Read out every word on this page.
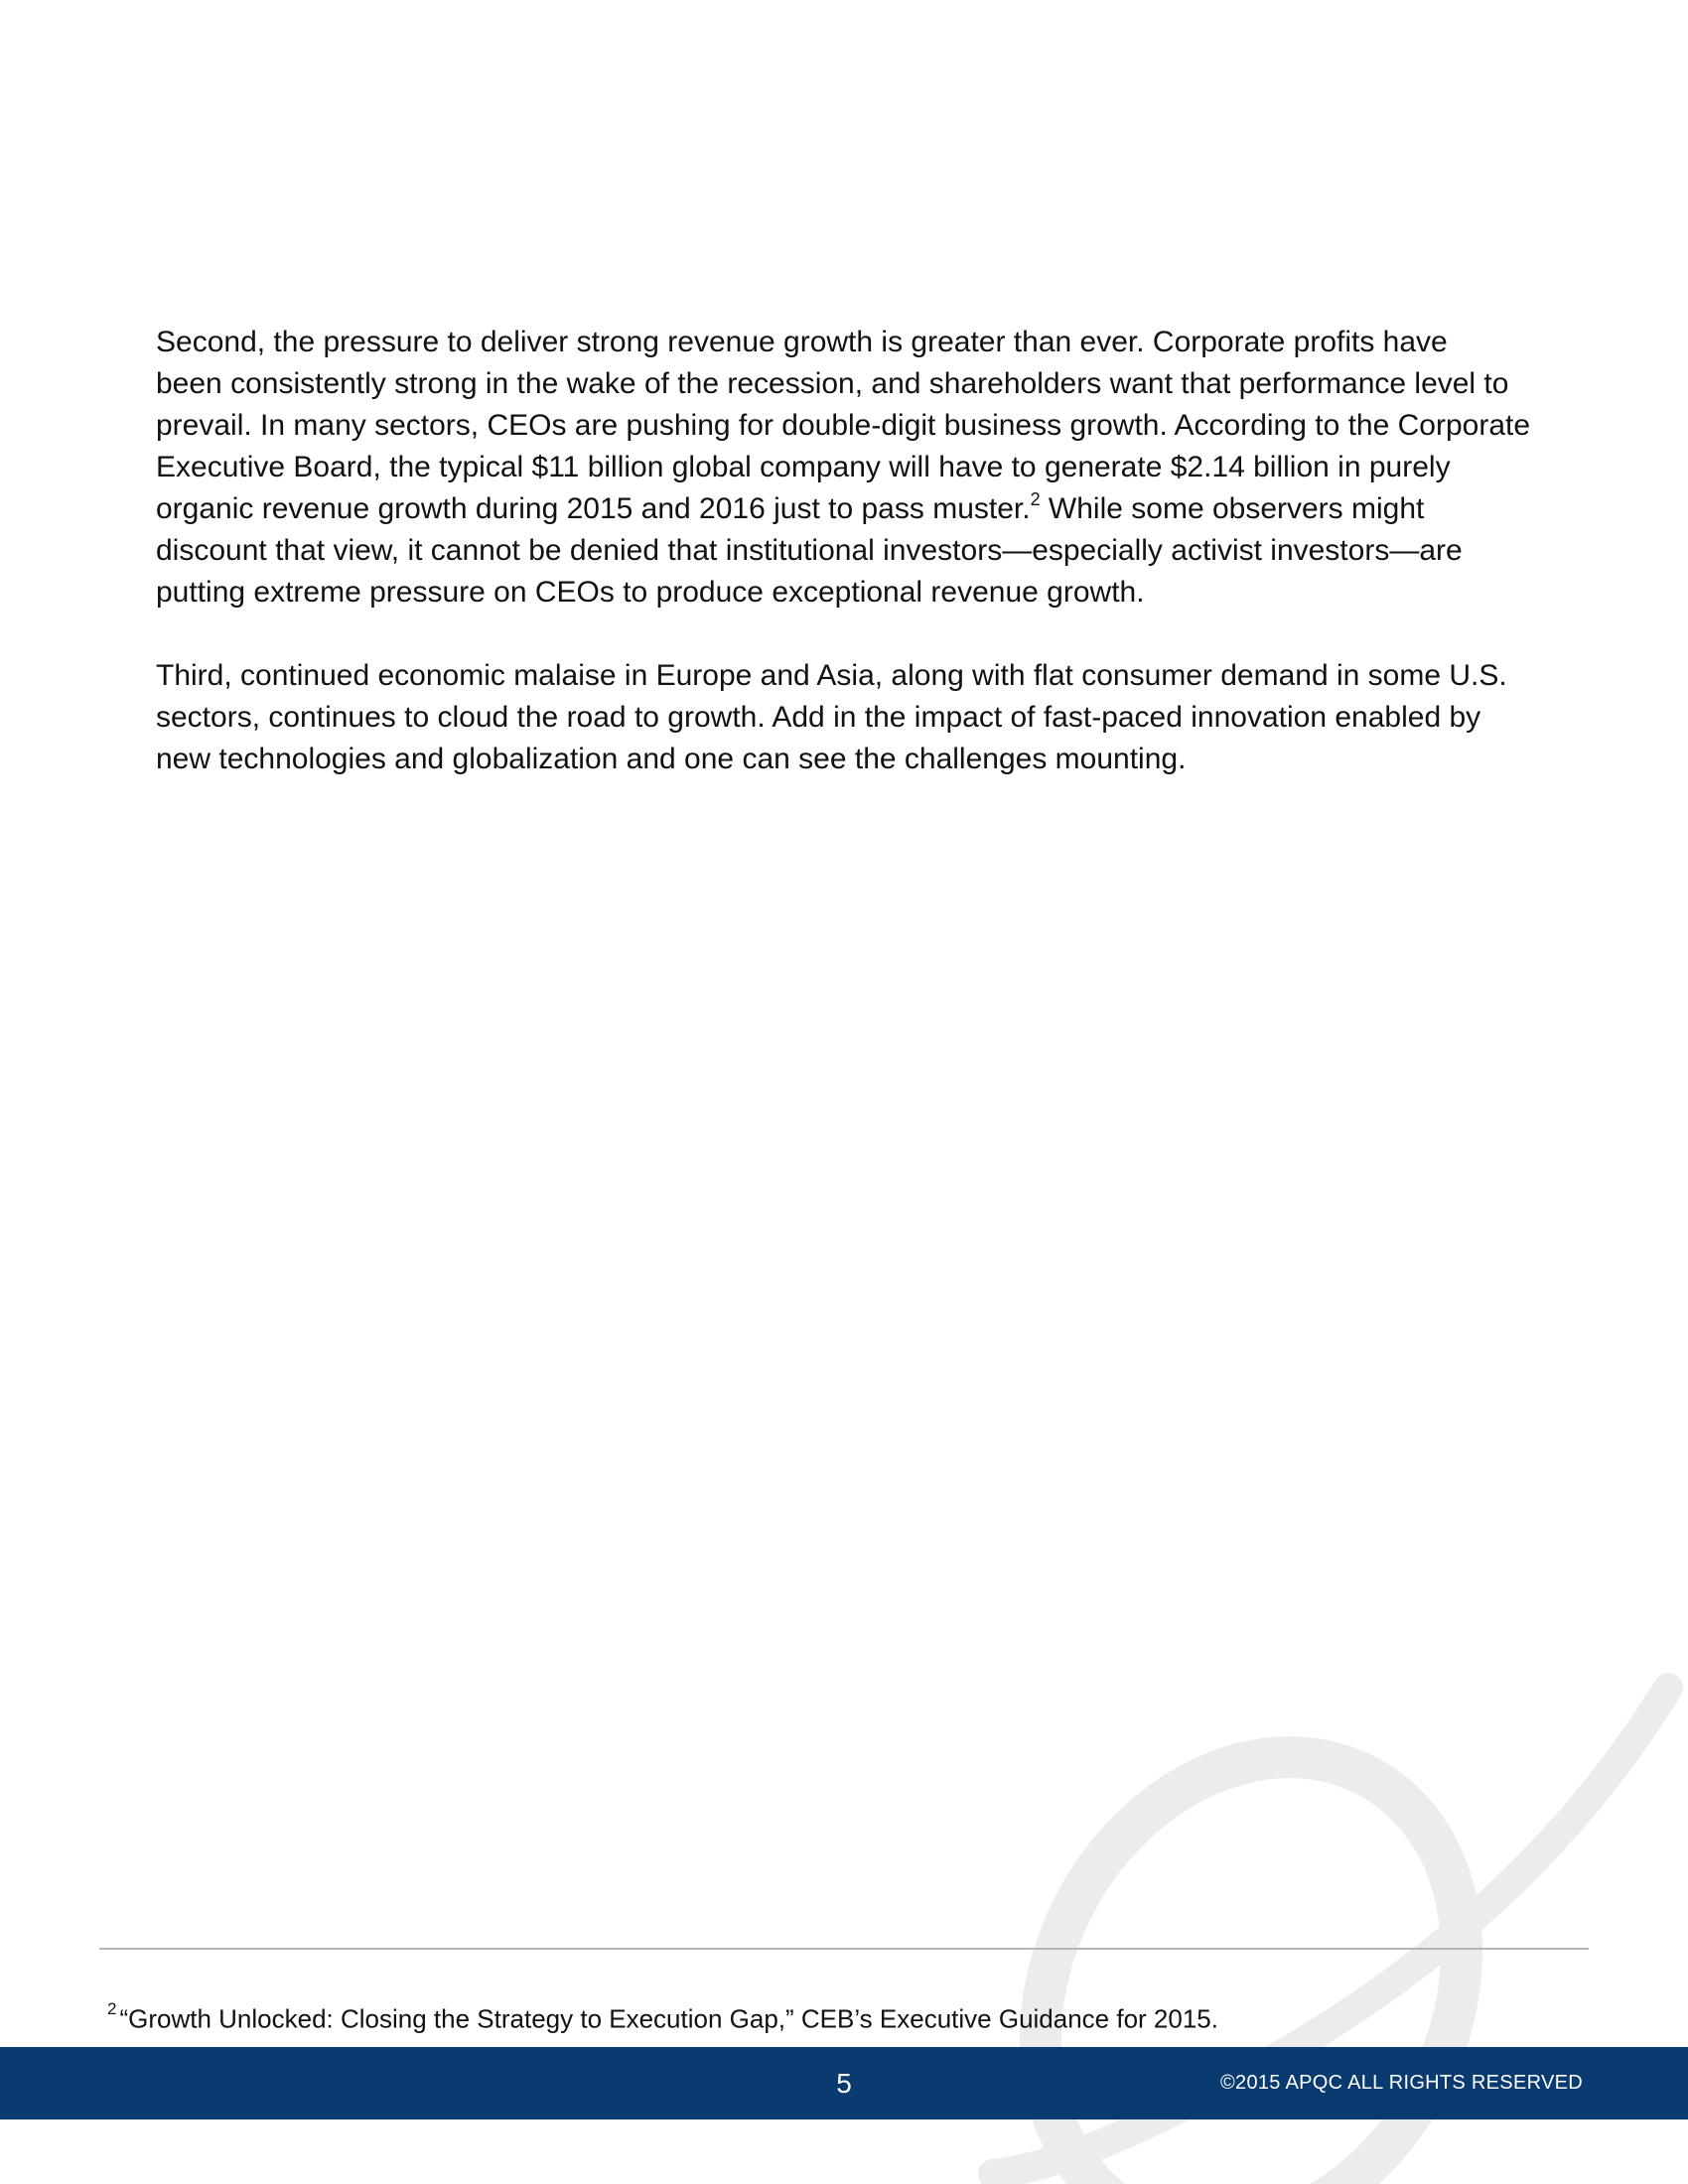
Second, the pressure to deliver strong revenue growth is greater than ever. Corporate profits have
been consistently strong in the wake of the recession, and shareholders want that performance level to
prevail. In many sectors, CEOs are pushing for double-digit business growth. According to the Corporate
Executive Board, the typical $11 billion global company will have to generate $2.14 billion in purely
organic revenue growth during 2015 and 2016 just to pass muster.$^2$ While some observers might
discount that view, it cannot be denied that institutional investors—especially activist investors—are
putting extreme pressure on CEOs to produce exceptional revenue growth.

Third, continued economic malaise in Europe and Asia, along with flat consumer demand in some U.S.
sectors, continues to cloud the road to growth. Add in the impact of fast-paced innovation enabled by
new technologies and globalization and one can see the challenges mounting.

$^2$ “Growth Unlocked: Closing the Strategy to Execution Gap,” CEB’s Executive Guidance for 2015.
5	©2015 APQC ALL RIGHTS RESERVED
